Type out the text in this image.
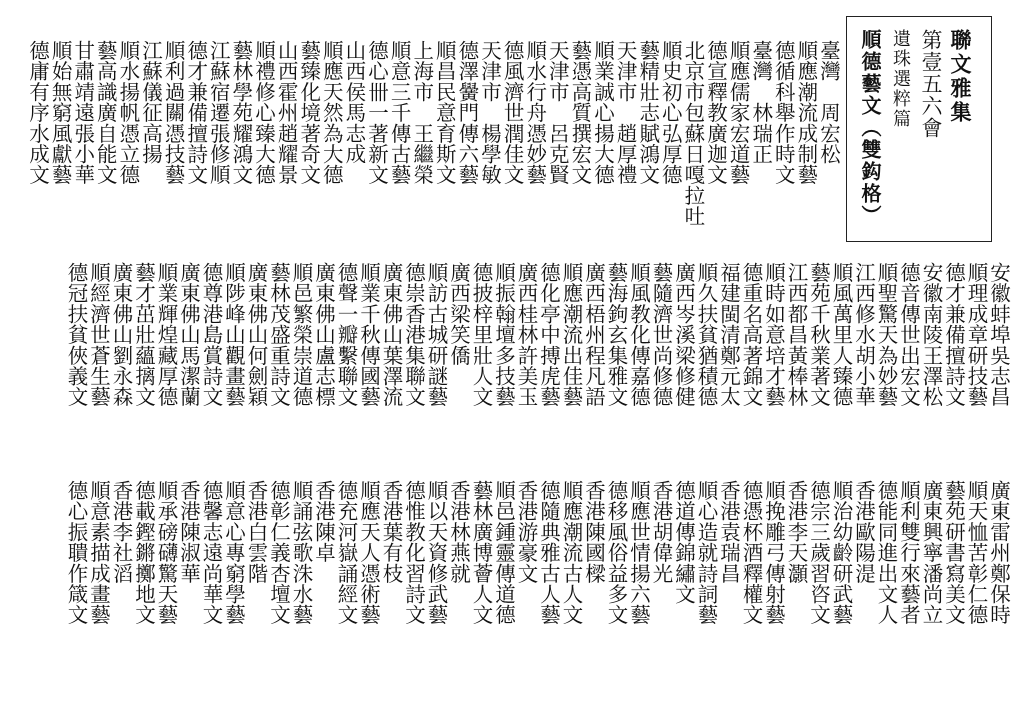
聯文雅集
第壹五六會
遺珠選粹篇
順德藝文（雙鈎格）
臺灣　周宏松
順應潮流成制藝
德循科舉作時文
臺灣　林瑞正
順應儒家宏道藝
德宣釋教廣迦文
北京市包蘇日嘎拉吐
順史初心弘厚德
藝精壯志賦鴻文
天津市　趙厚禮
順業誠心揚大德
藝憑高質撰宏文
天津市　呂克賢
順水行舟憑妙藝
德風濟世潤佳文
天津市　楊學敏
德澤黌門傳六藝
順昌民意育斯文
上海市　王繼榮
順意三千傳古藝
德心卌一著新文
山西侯馬志成
順應天然為大德
藝臻化境著奇文
山西霍州趙耀景
順禮修心臻大德
藝林學苑耀鴻文
江蘇宿遷張修順
德才兼備擅詩文
順利過關憑技藝
江蘇儀征高揚
順水揚帆憑立德
藝高識廣自能文
甘肅靖遠張小華
順始無窮風獻藝
德庸有序水成文
安徽蚌埠吳志昌
順理成章研技藝
德才兼備擅詩文
安徽南陵王澤松
德音傳世出宏文
順聖驚天為妙藝
江西修水胡小華
順風萬里人臻德
藝苑千秋業著文
江西都昌黃棒林
順時如意培才藝
德重名高著錦文
福建閩清鄭元太
順久扶貧猶積德
廣西岑溪梁修健
藝隨濟世尚修德
順風教化傳嘉德
藝海鉤玄集雅文
廣西梧州程凡語
順應潮流出佳藝
德化亭中搏虎藝
廣西桂林許美玉
順振翰壇多技藝
德披梓里壯人文
廣西梁笑僑
順訪古城研謎藝
德崇香港集聯文
廣東佛山葉澤流
順業千秋傳國藝
德聲一瓣繫聯文
廣東佛山盧志標
順邑繁榮崇道德
藝林茂盛重詩文
廣東佛山何劍穎
順陟峰山觀畫藝
德尊港島賞詩文
廣東佛山馬潔蘭
順業輝煌藏厚德
藝才茁壯蘊摛文
廣東佛山劉永森
順經濟世蒼生藝
德冠扶貧俠義文
廣東雷州鄭保時
順天恤苦彰仁德
藝苑研書寫美文
廣東興寧潘尚立
順利雙行來藝者
德能同進出文人
香港歐陽湜
順治幼齡研武藝
德宗三歲習咨文
香港李天灝
順挽雕弓傳射藝
德憑杯酒釋權文
香港袁瑞昌
順心造就詩詞藝
德道傳錦繡文
香港胡偉光
順應世情揚六藝
德移風俗益多文
香港陳國樑
順應潮流古人文
德隨典雅古人藝
香港游豪文
順邑鍾靈傳道德
藝林廣博薈人文
香港林燕就
順以天資修武藝
德惟教化習詩文
香港葉有枝
順應天人憑術藝
德充河嶽誦經文
香港陳卓
順誦弦歌洙水藝
德彰仁義杏壇文
香港白雲階
順意心專窮學藝
德馨志遠尚華文
香港陳淑華
順承磅礴驚天藝
德載鏗鏘擲地文
香港李社滔
順意素描成畫藝
德心振聵作箴文
